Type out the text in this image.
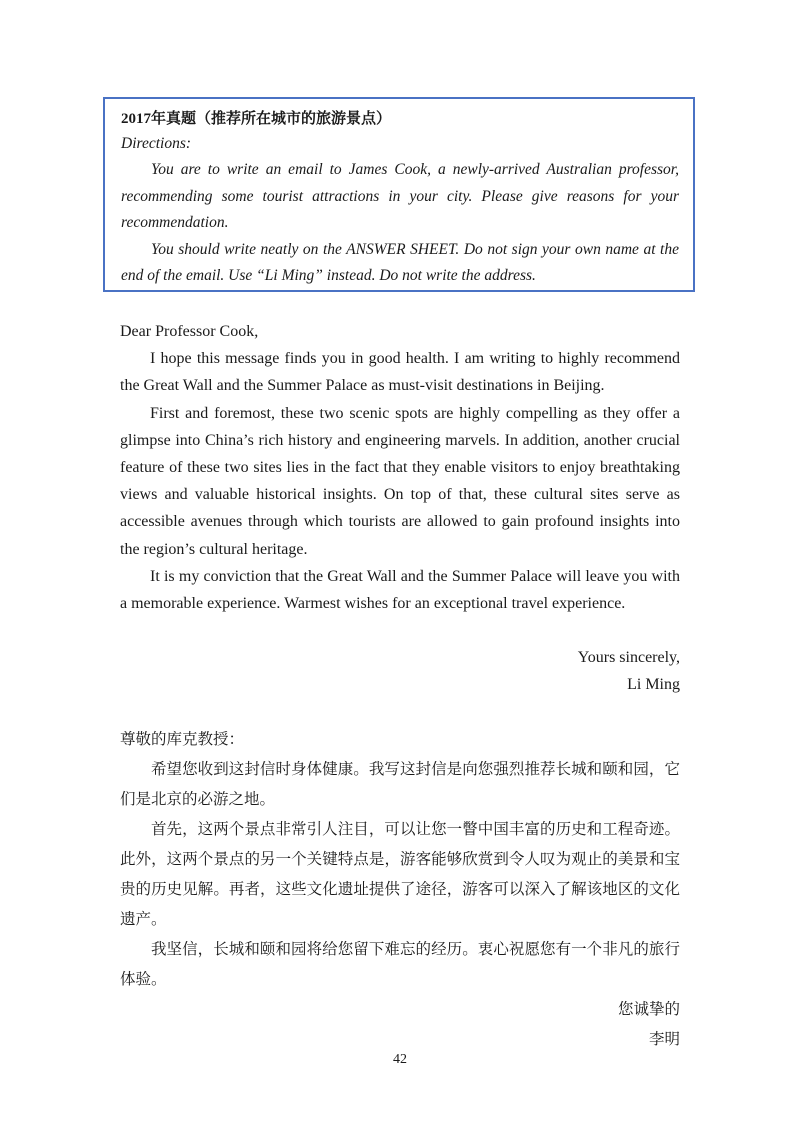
2017年真题（推荐所在城市的旅游景点）

Directions:

You are to write an email to James Cook, a newly-arrived Australian professor, recommending some tourist attractions in your city. Please give reasons for your recommendation.

You should write neatly on the ANSWER SHEET. Do not sign your own name at the end of the email. Use “Li Ming” instead. Do not write the address.

Dear Professor Cook,

I hope this message finds you in good health. I am writing to highly recommend the Great Wall and the Summer Palace as must-visit destinations in Beijing.

First and foremost, these two scenic spots are highly compelling as they offer a glimpse into China’s rich history and engineering marvels. In addition, another crucial feature of these two sites lies in the fact that they enable visitors to enjoy breathtaking views and valuable historical insights. On top of that, these cultural sites serve as accessible avenues through which tourists are allowed to gain profound insights into the region’s cultural heritage.

It is my conviction that the Great Wall and the Summer Palace will leave you with a memorable experience. Warmest wishes for an exceptional travel experience.

Yours sincerely,

Li Ming

尊敬的库克教授：

希望您收到这封信时身体健康。我写这封信是向您强烈推荐长城和颐和园，它们是北京的必游之地。

首先，这两个景点非常引人注目，可以让您一瞥中国丰富的历史和工程奇迹。此外，这两个景点的另一个关键特点是，游客能够欣赏到令人叹为观止的美景和宝贵的历史见解。再者，这些文化遗址提供了途径，游客可以深入了解该地区的文化遗产。

我坚信，长城和颐和园将给您留下难忘的经历。衷心祝愿您有一个非凡的旅行体验。

您诚挚的

李明

42
